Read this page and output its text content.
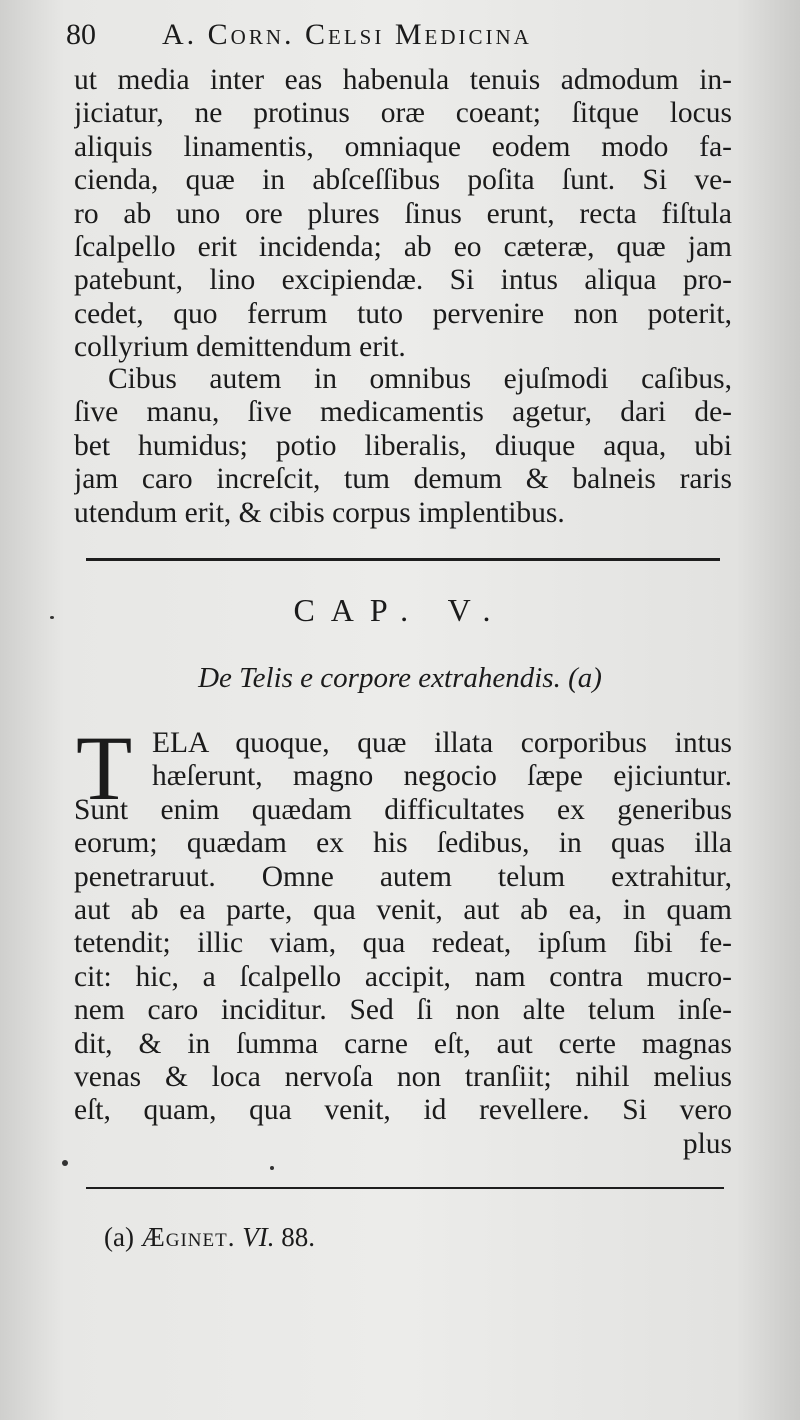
80 A. Corn. Celsi Medicina
ut media inter eas habenula tenuis admodum in-
jiciatur, ne protinus oræ coeant; ſitque locus
aliquis linamentis, omniaque eodem modo fa-
cienda, quæ in abſceſſibus poſita ſunt. Si ve-
ro ab uno ore plures ſinus erunt, recta fiſtula
ſcalpello erit incidenda; ab eo cæteræ, quæ jam
patebunt, lino excipiendæ. Si intus aliqua pro-
cedet, quo ferrum tuto pervenire non poterit,
collyrium demittendum erit.
Cibus autem in omnibus ejuſmodi caſibus,
ſive manu, ſive medicamentis agetur, dari de-
bet humidus; potio liberalis, diuque aqua, ubi
jam caro increſcit, tum demum & balneis raris
utendum erit, & cibis corpus implentibus.
CAP. V.
De Telis e corpore extrahendis. (a)
T ELA quoque, quæ illata corporibus intus
hæſerunt, magno negocio ſæpe ejiciuntur.
Sunt enim quædam difficultates ex generibus
eorum; quædam ex his ſedibus, in quas illa
penetraruut. Omne autem telum extrahitur,
aut ab ea parte, qua venit, aut ab ea, in quam
tetendit; illic viam, qua redeat, ipſum ſibi fe-
cit: hic, a ſcalpello accipit, nam contra mucro-
nem caro inciditur. Sed ſi non alte telum inſe-
dit, & in ſumma carne eſt, aut certe magnas
venas & loca nervoſa non tranſiit; nihil melius
eſt, quam, qua venit, id revellere. Si vero
plus
(a) Æginet. VI. 88.
